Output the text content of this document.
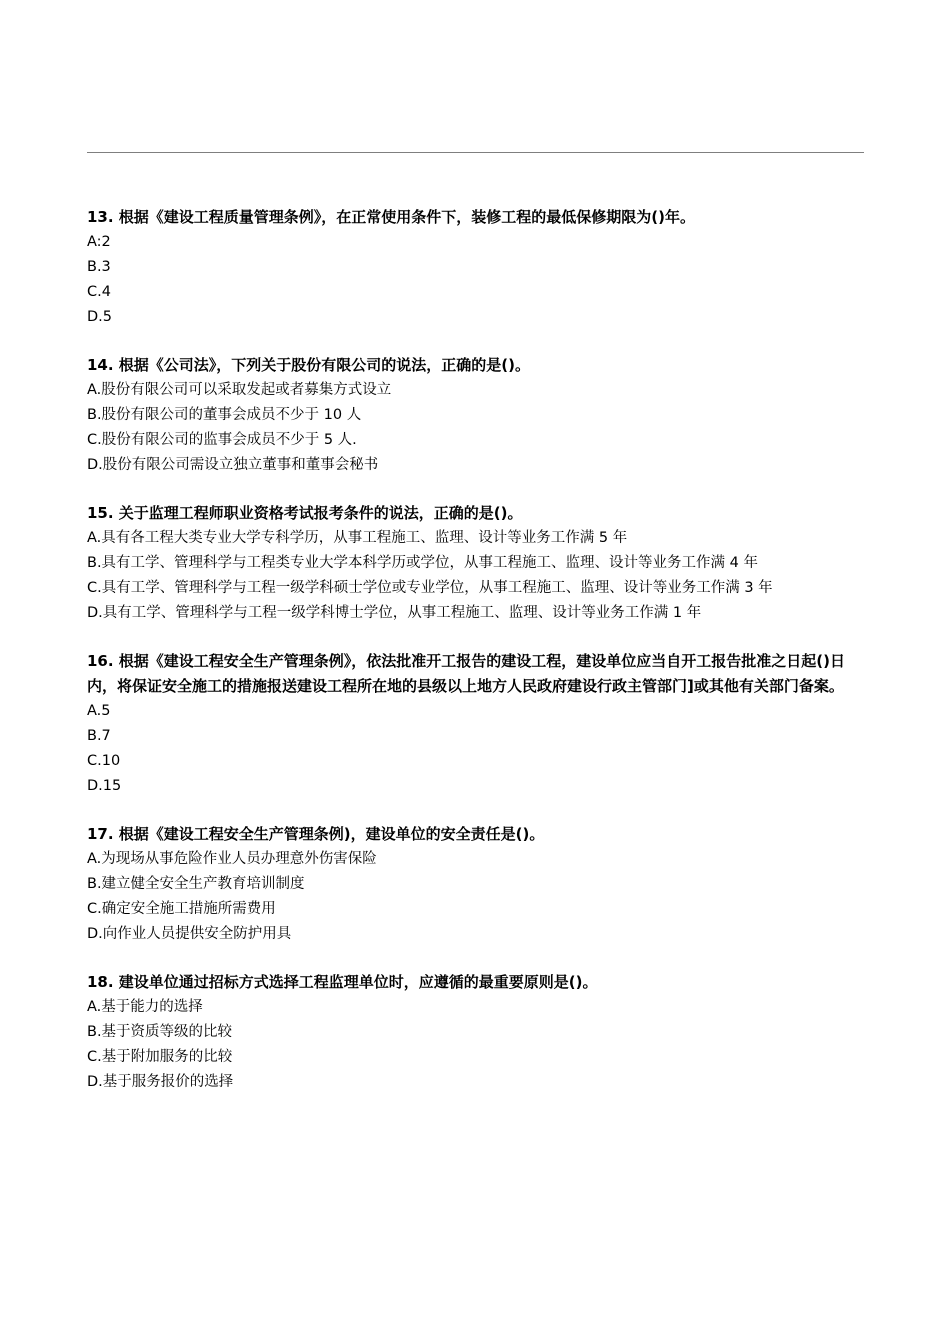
13. 根据《建设工程质量管理条例》，在正常使用条件下，装修工程的最低保修期限为()年。

A:2

B.3

C.4

D.5

14. 根据《公司法》，下列关于股份有限公司的说法，正确的是()。

A.股份有限公司可以采取发起或者募集方式设立

B.股份有限公司的董事会成员不少于 10 人

C.股份有限公司的监事会成员不少于 5 人.

D.股份有限公司需设立独立董事和董事会秘书

15. 关于监理工程师职业资格考试报考条件的说法，正确的是()。

A.具有各工程大类专业大学专科学历，从事工程施工、监理、设计等业务工作满 5 年

B.具有工学、管理科学与工程类专业大学本科学历或学位，从事工程施工、监理、设计等业务工作满 4 年

C.具有工学、管理科学与工程一级学科硕士学位或专业学位，从事工程施工、监理、设计等业务工作满 3 年

D.具有工学、管理科学与工程一级学科博士学位，从事工程施工、监理、设计等业务工作满 1 年

16. 根据《建设工程安全生产管理条例》，依法批准开工报告的建设工程，建设单位应当自开工报告批准之日起()日内，将保证安全施工的措施报送建设工程所在地的县级以上地方人民政府建设行政主管部门]或其他有关部门备案。

A.5

B.7

C.10

D.15

17. 根据《建设工程安全生产管理条例)，建设单位的安全责任是()。

A.为现场从事危险作业人员办理意外伤害保险

B.建立健全安全生产教育培训制度

C.确定安全施工措施所需费用

D.向作业人员提供安全防护用具

18. 建设单位通过招标方式选择工程监理单位时，应遵循的最重要原则是()。

A.基于能力的选择

B.基于资质等级的比较

C.基于附加服务的比较

D.基于服务报价的选择
